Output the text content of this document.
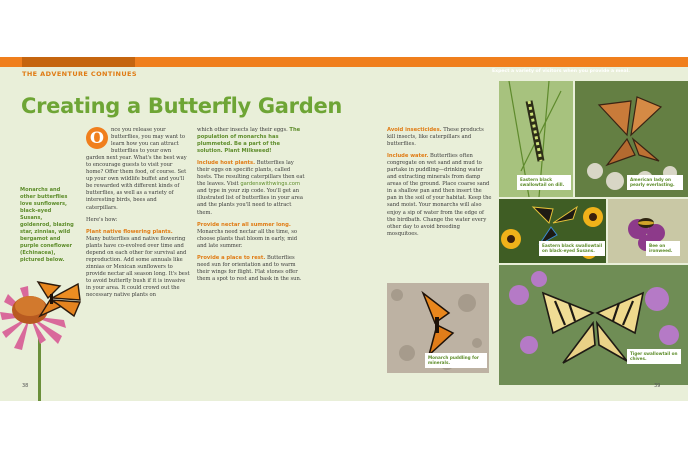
THE ADVENTURE CONTINUES	Expect a variety of visitors when you provide a meal.
Creating a Butterfly Garden
Monarchs and other butterflies love sunflowers, black-eyed Susans, goldenrod, blazing star, zinnias, wild bergamot and purple coneflower (Echinacea), pictured below.
38

O	nce you release your butterflies, you may want to learn how you can attract butterflies to your own garden next year. What's the best way to encourage guests to visit your home? Offer them food, of course. Set up your own wildlife buffet and you'll be rewarded with different kinds of butterflies, as well as a variety of interesting birds, bees and caterpillars.

Here's how:

Plant native flowering plants.
Many butterflies and native flowering plants have co-evolved over time and depend on each other for survival and reproduction. Add some annuals like zinnias or Mexican sunflowers to provide nectar all season long. It's best to avoid butterfly bush if it is invasive in your area. It could crowd out the necessary native plants on

which other insects lay their eggs. The population of monarchs has plummeted. Be a part of the solution. Plant Milkweed!

Include host plants. Butterflies lay their eggs on specific plants, called hosts. The resulting caterpillars then eat the leaves. Visit gardenswithwings.com and type in your zip code. You'll get an illustrated list of butterflies in your area and the plants you'll need to attract them.

Provide nectar all summer long. Monarchs need nectar all the time, so choose plants that bloom in early, mid and late summer.

Provide a place to rest. Butterflies need sun for orientation and to warm their wings for flight. Flat stones offer them a spot to rest and bask in the sun.

Avoid insecticides. These products kill insects, like caterpillars and butterflies.

Include water. Butterflies often congregate on wet sand and mud to partake in puddling—drinking water and extracting minerals from damp areas of the ground. Place coarse sand in a shallow pan and then insert the pan in the soil of your habitat. Keep the sand moist. Your monarchs will also enjoy a sip of water from the edge of the birdbath. Change the water every other day to avoid breeding mosquitoes.

Monarch puddling for minerals.
Eastern black swallowtail on dill.
American lady on pearly everlasting.
Eastern black swallowtail on black-eyed Susans.
Bee on ironweed.
Tiger swallowtail on chives.
39
